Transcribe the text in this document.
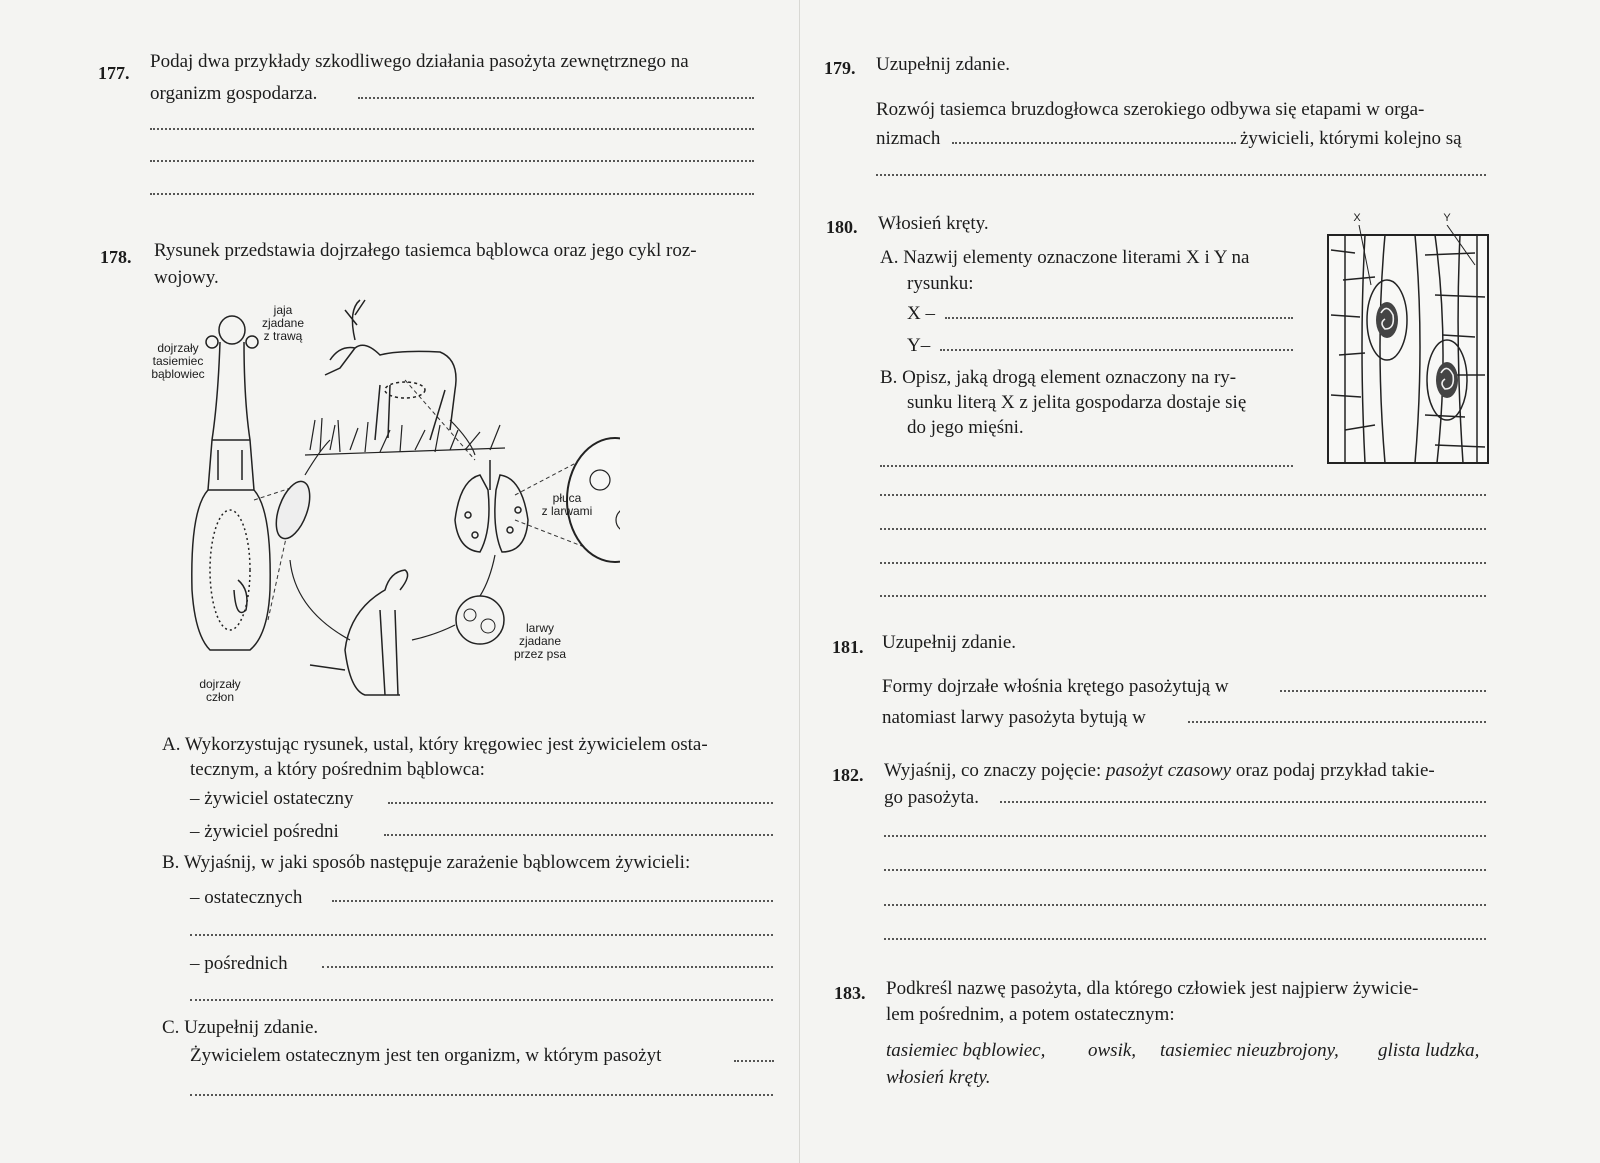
177.
Podaj dwa przykłady szkodliwego działania pasożyta zewnętrznego na
organizm gospodarza.
178. Rysunek przedstawia dojrzałego tasiemca bąblowca oraz jego cykl roz-
wojowy.
dojrzały
tasiemiec
bąblowiec
jaja
zjadane
z trawą
płuca
z larwami
larwy
zjadane
przez psa
dojrzały
człon
A. Wykorzystując rysunek, ustal, który kręgowiec jest żywicielem osta-
tecznym, a który pośrednim bąblowca:
– żywiciel ostateczny
– żywiciel pośredni
B. Wyjaśnij, w jaki sposób następuje zarażenie bąblowcem żywicieli:
– ostatecznych
– pośrednich
C. Uzupełnij zdanie.
Żywicielem ostatecznym jest ten organizm, w którym pasożyt
179. Uzupełnij zdanie.
Rozwój tasiemca bruzdogłowca szerokiego odbywa się etapami w orga-
nizmach	żywicieli, którymi kolejno są
180. Włosień kręty.
A. Nazwij elementy oznaczone literami X i Y na
rysunku:
X –
Y–
B. Opisz, jaką drogą element oznaczony na ry-
sunku literą X z jelita gospodarza dostaje się
do jego mięśni.
X	Y
181. Uzupełnij zdanie.
Formy dojrzałe włośnia krętego pasożytują w
natomiast larwy pasożyta bytują w
182. Wyjaśnij, co znaczy pojęcie: pasożyt czasowy oraz podaj przykład takie-
go pasożyta.
183. Podkreśl nazwę pasożyta, dla którego człowiek jest najpierw żywicie-
lem pośrednim, a potem ostatecznym:
tasiemiec bąblowiec, owsik, tasiemiec nieuzbrojony, glista ludzka,
włosień kręty.
